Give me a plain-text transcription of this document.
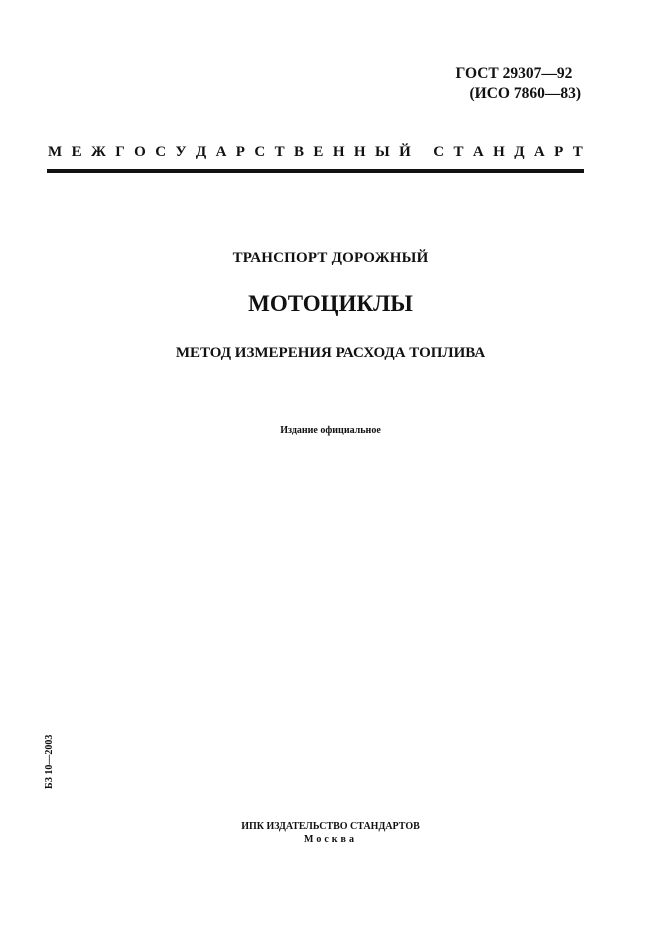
ГОСТ 29307—92
(ИСО 7860—83)
М Е Ж Г О С У Д А Р С Т В Е Н Н Ы Й
С Т А Н Д А Р Т
ТРАНСПОРТ ДОРОЖНЫЙ
МОТОЦИКЛЫ
МЕТОД ИЗМЕРЕНИЯ РАСХОДА ТОПЛИВА
Издание официальное
БЗ 10—2003
ИПК ИЗДАТЕЛЬСТВО СТАНДАРТОВ
Москва
